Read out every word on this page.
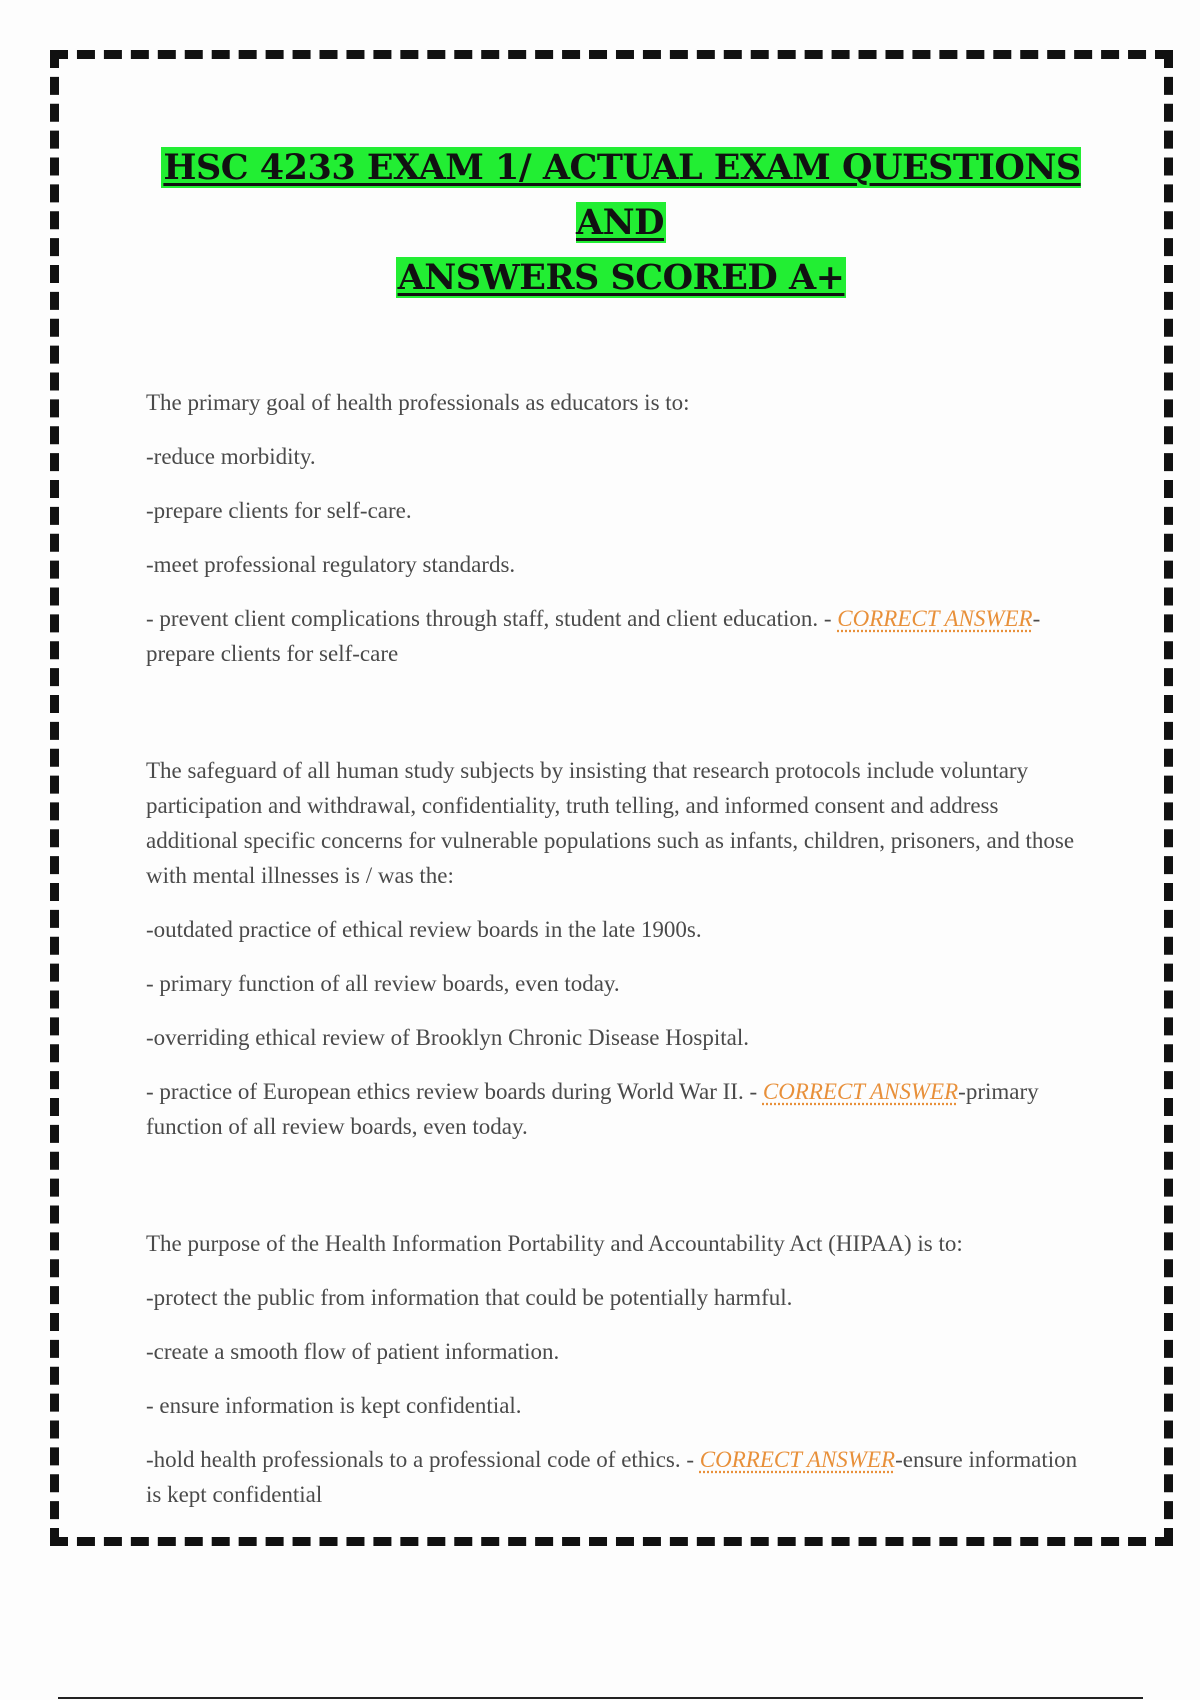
HSC 4233 EXAM 1/ ACTUAL EXAM QUESTIONS AND
ANSWERS SCORED A+

The primary goal of health professionals as educators is to:

-reduce morbidity.

-prepare clients for self-care.

-meet professional regulatory standards.

- prevent client complications through staff, student and client education. - CORRECT ANSWER-prepare clients for self-care

The safeguard of all human study subjects by insisting that research protocols include voluntary participation and withdrawal, confidentiality, truth telling, and informed consent and address additional specific concerns for vulnerable populations such as infants, children, prisoners, and those with mental illnesses is / was the:

-outdated practice of ethical review boards in the late 1900s.

- primary function of all review boards, even today.

-overriding ethical review of Brooklyn Chronic Disease Hospital.

- practice of European ethics review boards during World War II. - CORRECT ANSWER-primary function of all review boards, even today.

The purpose of the Health Information Portability and Accountability Act (HIPAA) is to:

-protect the public from information that could be potentially harmful.

-create a smooth flow of patient information.

- ensure information is kept confidential.

-hold health professionals to a professional code of ethics. - CORRECT ANSWER-ensure information is kept confidential
